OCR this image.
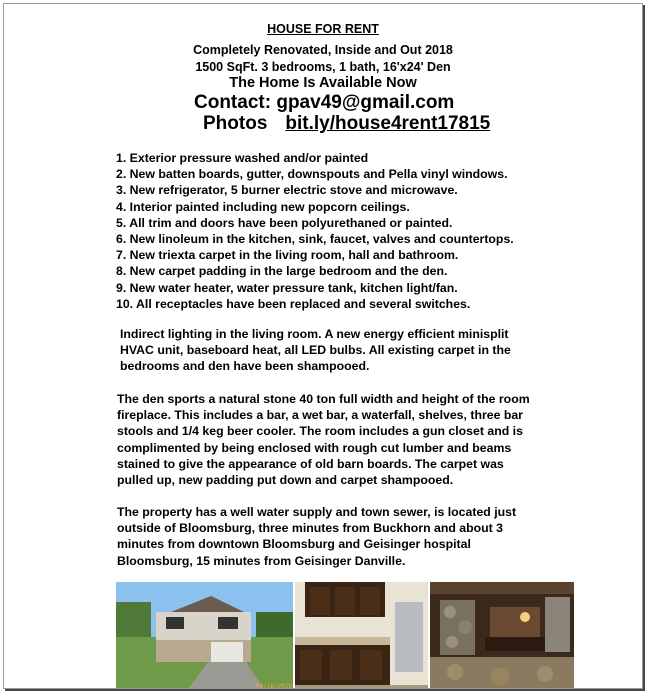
HOUSE FOR RENT
Completely Renovated, Inside and Out 2018
1500 SqFt. 3 bedrooms, 1 bath, 16'x24' Den
The Home Is Available Now
Contact: gpav49@gmail.com
Photos bit.ly/house4rent17815
1. Exterior pressure washed and/or painted
2. New batten boards, gutter, downspouts and Pella vinyl windows.
3. New refrigerator, 5 burner electric stove and microwave.
4. Interior painted including new popcorn ceilings.
5. All trim and doors have been polyurethaned or painted.
6. New linoleum in the kitchen, sink, faucet, valves and countertops.
7. New triexta carpet in the living room, hall and bathroom.
8. New carpet padding in the large bedroom and the den.
9. New water heater, water pressure tank, kitchen light/fan.
10. All receptacles have been replaced and several switches.
Indirect lighting in the living room. A new energy efficient minisplit HVAC unit, baseboard heat, all LED bulbs. All existing carpet in the bedrooms and den have been shampooed.
The den sports a natural stone 40 ton full width and height of the room fireplace. This includes a bar, a wet bar, a waterfall, shelves, three bar stools and 1/4 keg beer cooler. The room includes a gun closet and is complimented by being enclosed with rough cut lumber and beams stained to give the appearance of old barn boards. The carpet was pulled up, new padding put down and carpet shampooed.
The property has a well water supply and town sewer, is located just outside of Bloomsburg, three minutes from Buckhorn and about 3 minutes from downtown Bloomsburg and Geisinger hospital Bloomsburg, 15 minutes from Geisinger Danville.
04/16/2018
